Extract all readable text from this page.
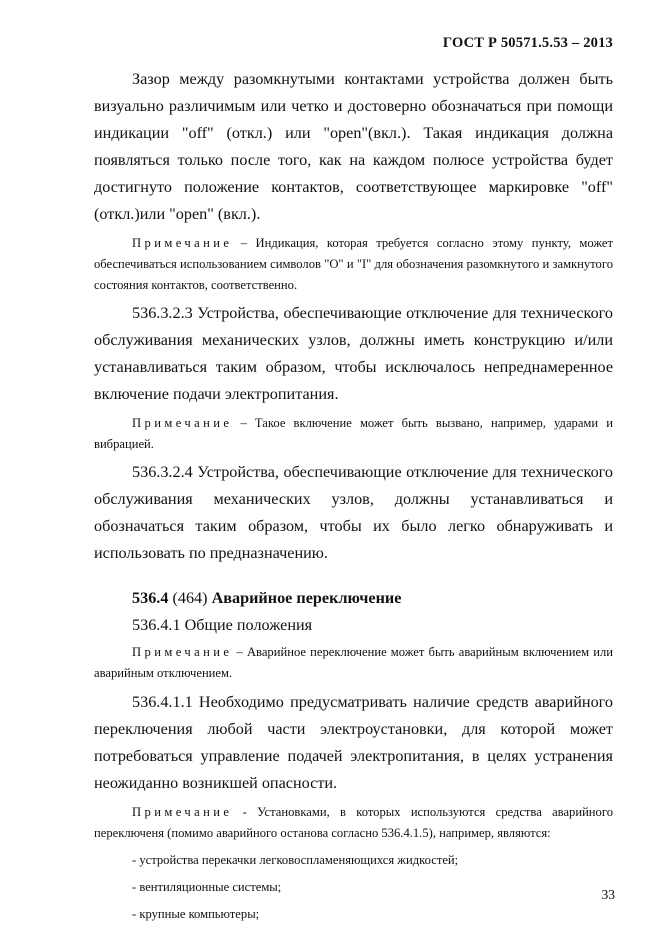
ГОСТ Р 50571.5.53 – 2013

Зазор между разомкнутыми контактами устройства должен быть визуально различимым или четко и достоверно обозначаться при помощи индикации "off" (откл.) или "open"(вкл.). Такая индикация должна появляться только после того, как на каждом полюсе устройства будет достигнуто положение контактов, соответствующее маркировке "off" (откл.)или "open" (вкл.).

Примечание – Индикация, которая требуется согласно этому пункту, может обеспечиваться использованием символов "O" и "I" для обозначения разомкнутого и замкнутого состояния контактов, соответственно.

536.3.2.3 Устройства, обеспечивающие отключение для технического обслуживания механических узлов, должны иметь конструкцию и/или устанавливаться таким образом, чтобы исключалось непреднамеренное включение подачи электропитания.

Примечание – Такое включение может быть вызвано, например, ударами и вибрацией.

536.3.2.4 Устройства, обеспечивающие отключение для технического обслуживания механических узлов, должны устанавливаться и обозначаться таким образом, чтобы их было легко обнаруживать и использовать по предназначению.

536.4 (464) Аварийное переключение

536.4.1 Общие положения

Примечание – Аварийное переключение может быть аварийным включением или аварийным отключением.

536.4.1.1 Необходимо предусматривать наличие средств аварийного переключения любой части электроустановки, для которой может потребоваться управление подачей электропитания, в целях устранения неожиданно возникшей опасности.

Примечание - Установками, в которых используются средства аварийного переключеня (помимо аварийного останова согласно 536.4.1.5), например, являются:

- устройства перекачки легковоспламеняющихся жидкостей;

- вентиляционные системы;

- крупные компьютеры;

33
